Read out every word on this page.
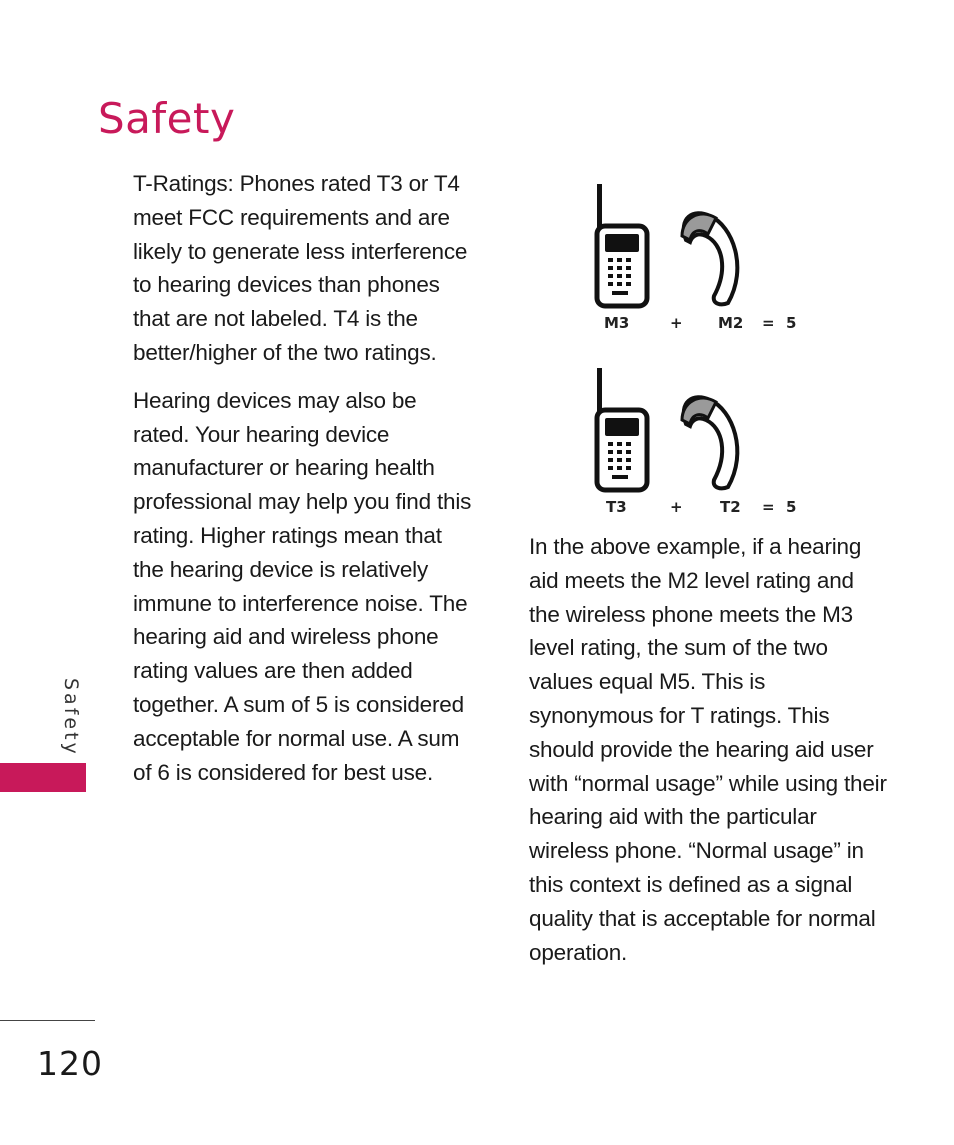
Safety

T-Ratings: Phones rated T3 or T4 meet FCC requirements and are likely to generate less interference to hearing devices than phones that are not labeled. T4 is the better/higher of the two ratings.

Hearing devices may also be rated. Your hearing device manufacturer or hearing health professional may help you find this rating. Higher ratings mean that the hearing device is relatively immune to interference noise. The hearing aid and wireless phone rating values are then added together. A sum of 5 is considered acceptable for normal use. A sum of 6 is considered for best use.

M3	+ M2 = 5
T3	+ T2 = 5

In the above example, if a hearing aid meets the M2 level rating and the wireless phone meets the M3 level rating, the sum of the two values equal M5. This is synonymous for T ratings. This should provide the hearing aid user with “normal usage” while using their hearing aid with the particular wireless phone. “Normal usage” in this context is defined as a signal quality that is acceptable for normal operation.

Safety
120
